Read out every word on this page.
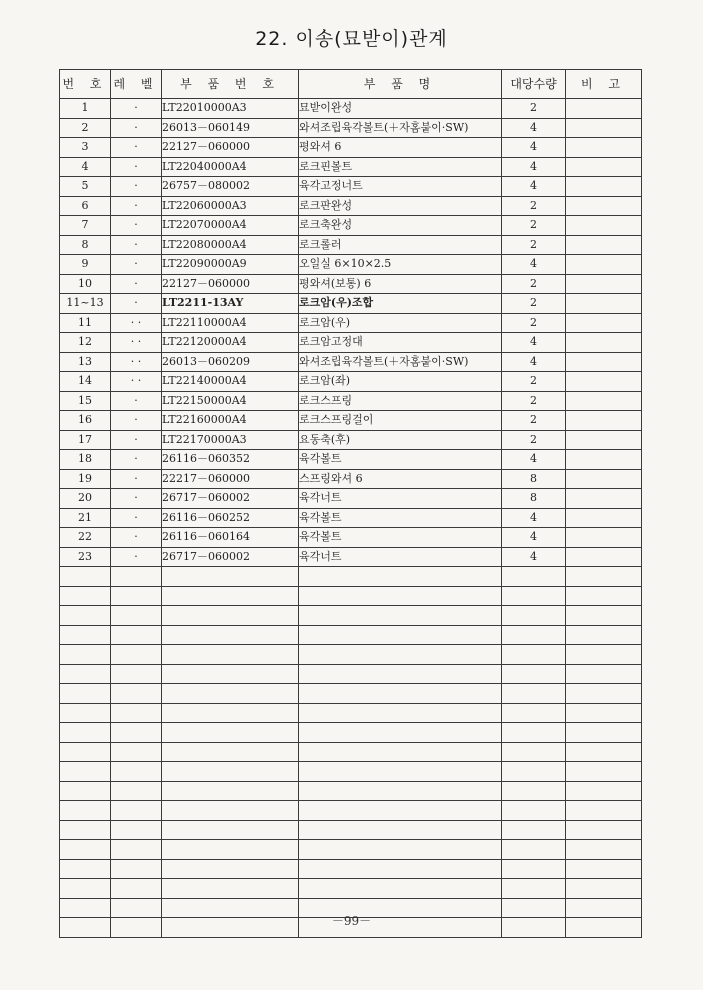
22. 이송(묘받이)관계
번 호	레 벨	부 품 번 호	부 품 명	대당수량	비 고
1	·	LT22010000A3	묘받이완성	2	
2	·	26013－060149	와셔조립육각볼트(＋자홈붙이·SW)	4	
3	·	22127－060000	평와셔 6	4	
4	·	LT22040000A4	로크핀볼트	4	
5	·	26757－080002	육각고정너트	4	
6	·	LT22060000A3	로크판완성	2	
7	·	LT22070000A4	로크축완성	2	
8	·	LT22080000A4	로크롤러	2	
9	·	LT22090000A9	오일실 6×10×2.5	4	
10	·	22127－060000	평와셔(보통) 6	2	
11~13	·	LT2211-13AY	로크암(우)조합	2	
11	· ·	LT22110000A4	로크암(우)	2	
12	· ·	LT22120000A4	로크암고정대	4	
13	· ·	26013－060209	와셔조립육각볼트(＋자홈붙이·SW)	4	
14	· ·	LT22140000A4	로크암(좌)	2	
15	·	LT22150000A4	로크스프링	2	
16	·	LT22160000A4	로크스프링걸이	2	
17	·	LT22170000A3	요동축(후)	2	
18	·	26116－060352	육각볼트	4	
19	·	22217－060000	스프링와셔 6	8	
20	·	26717－060002	육각너트	8	
21	·	26116－060252	육각볼트	4	
22	·	26116－060164	육각볼트	4	
23	·	26717－060002	육각너트	4	

－99－
